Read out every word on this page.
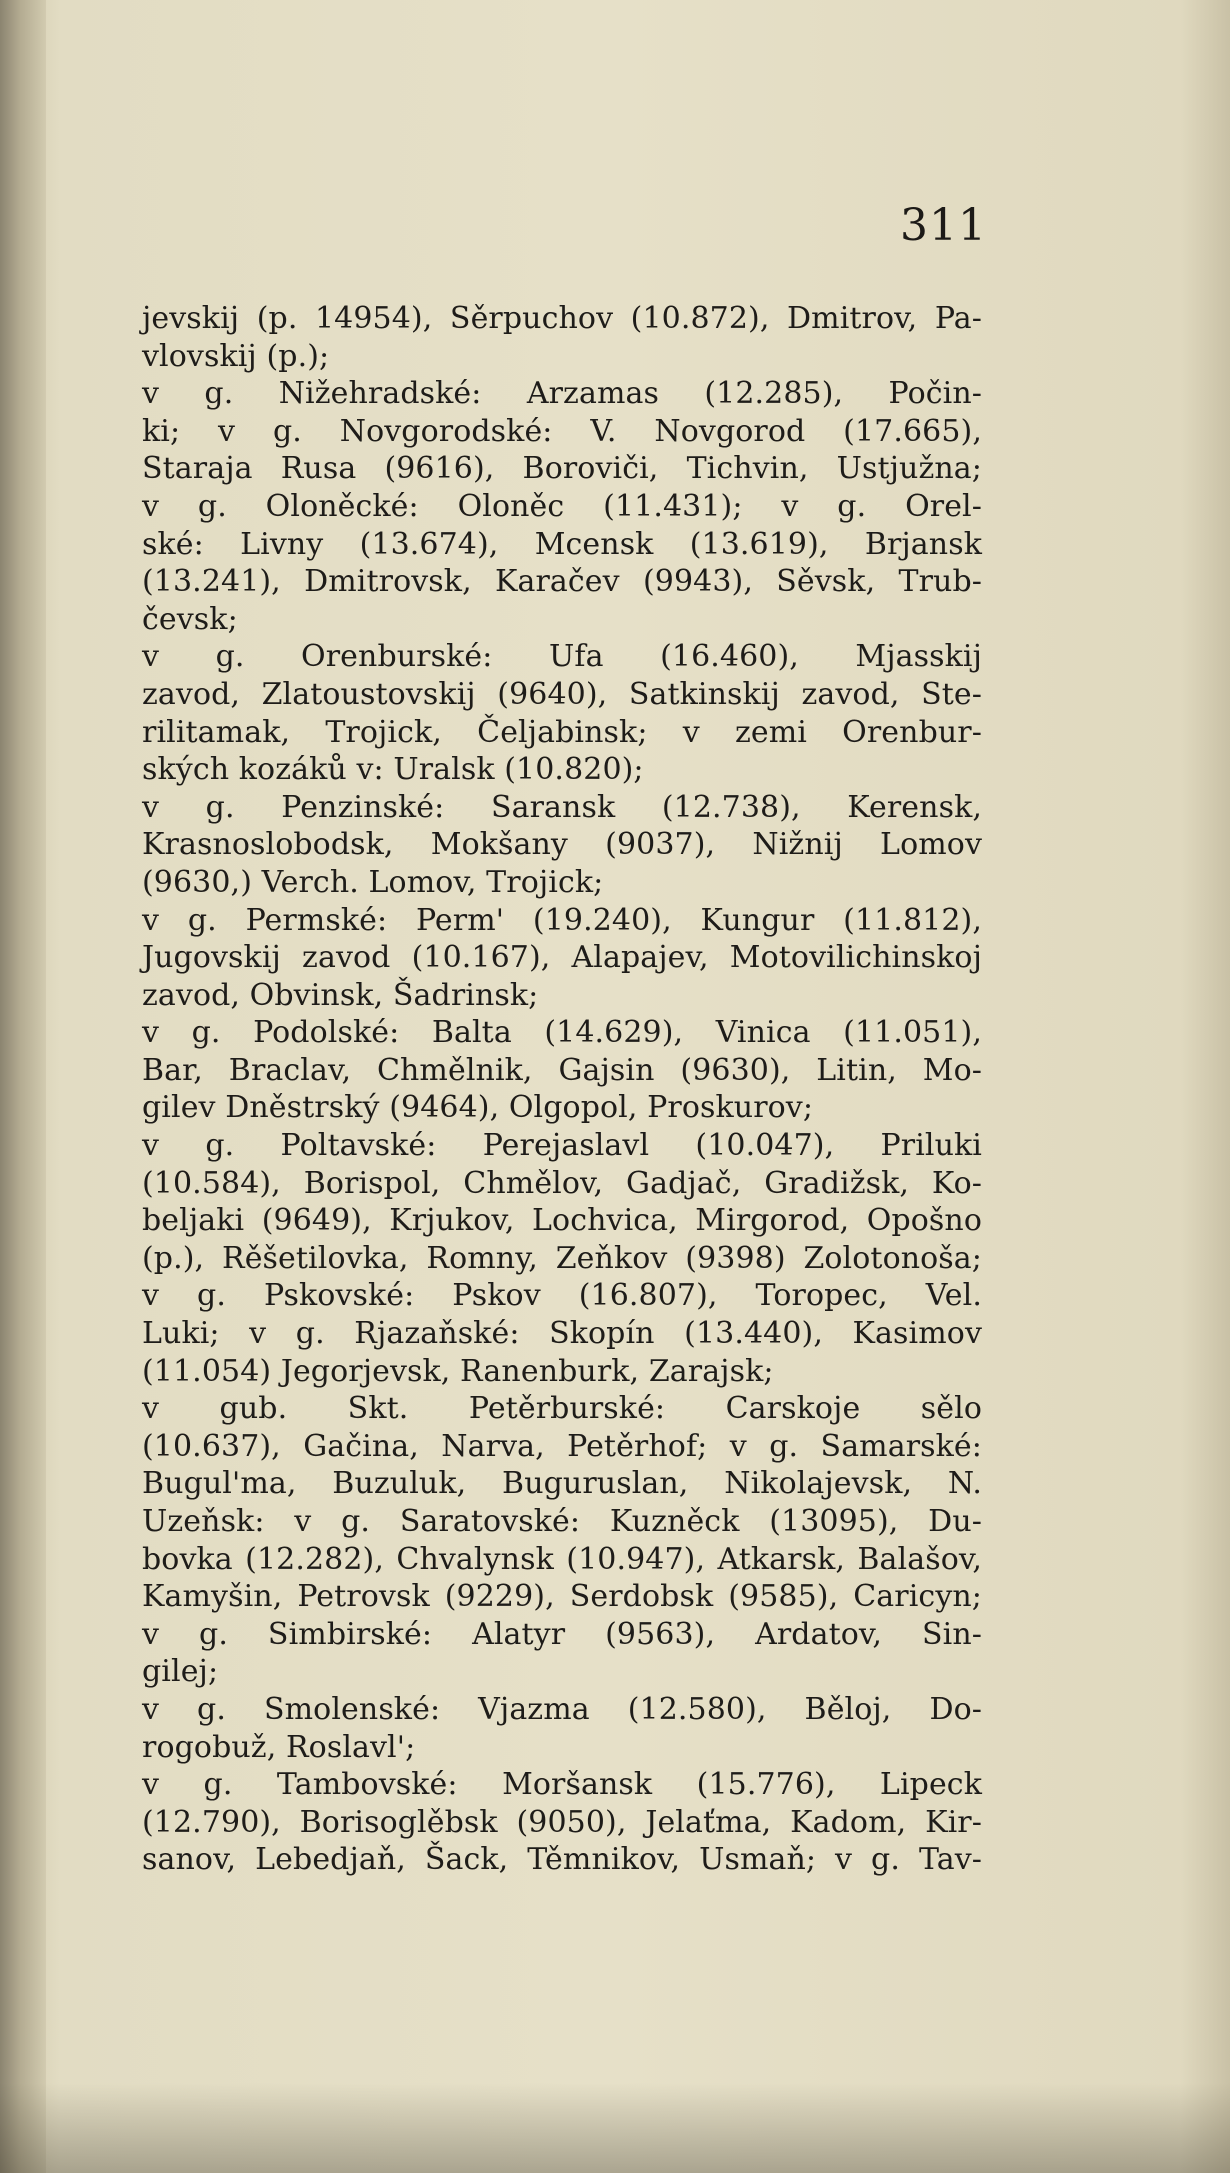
311
jevskij (p. 14954), Sěrpuchov (10.872), Dmitrov, Pa-
vlovskij (p.);
v g. Nižehradské: Arzamas (12.285), Počin-
ki; v g. Novgorodské: V. Novgorod (17.665),
Staraja Rusa (9616), Boroviči, Tichvin, Ustjužna;
v g. Oloněcké: Oloněc (11.431); v g. Orel-
ské: Livny (13.674), Mcensk (13.619), Brjansk
(13.241), Dmitrovsk, Karačev (9943), Sěvsk, Trub-
čevsk;
v g. Orenburské: Ufa (16.460), Mjasskij
zavod, Zlatoustovskij (9640), Satkinskij zavod, Ste-
rilitamak, Trojick, Čeljabinsk; v zemi Orenbur-
ských kozáků v: Uralsk (10.820);
v g. Penzinské: Saransk (12.738), Kerensk,
Krasnoslobodsk, Mokšany (9037), Nižnij Lomov
(9630,) Verch. Lomov, Trojick;
v g. Permské: Perm' (19.240), Kungur (11.812),
Jugovskij zavod (10.167), Alapajev, Motovilichinskoj
zavod, Obvinsk, Šadrinsk;
v g. Podolské: Balta (14.629), Vinica (11.051),
Bar, Braclav, Chmělnik, Gajsin (9630), Litin, Mo-
gilev Dněstrský (9464), Olgopol, Proskurov;
v g. Poltavské: Perejaslavl (10.047), Priluki
(10.584), Borispol, Chmělov, Gadjač, Gradižsk, Ko-
beljaki (9649), Krjukov, Lochvica, Mirgorod, Opošno
(p.), Rěšetilovka, Romny, Zeňkov (9398) Zolotonoša;
v g. Pskovské: Pskov (16.807), Toropec, Vel.
Luki; v g. Rjazaňské: Skopín (13.440), Kasimov
(11.054) Jegorjevsk, Ranenburk, Zarajsk;
v gub. Skt. Petěrburské: Carskoje sělo
(10.637), Gačina, Narva, Petěrhof; v g. Samarské:
Bugul'ma, Buzuluk, Buguruslan, Nikolajevsk, N.
Uzeňsk: v g. Saratovské: Kuzněck (13095), Du-
bovka (12.282), Chvalynsk (10.947), Atkarsk, Balašov,
Kamyšin, Petrovsk (9229), Serdobsk (9585), Caricyn;
v g. Simbirské: Alatyr (9563), Ardatov, Sin-
gilej;
v g. Smolenské: Vjazma (12.580), Běloj, Do-
rogobuž, Roslavl';
v g. Tambovské: Moršansk (15.776), Lipeck
(12.790), Borisoglěbsk (9050), Jelaťma, Kadom, Kir-
sanov, Lebedjaň, Šack, Těmnikov, Usmaň; v g. Tav-
